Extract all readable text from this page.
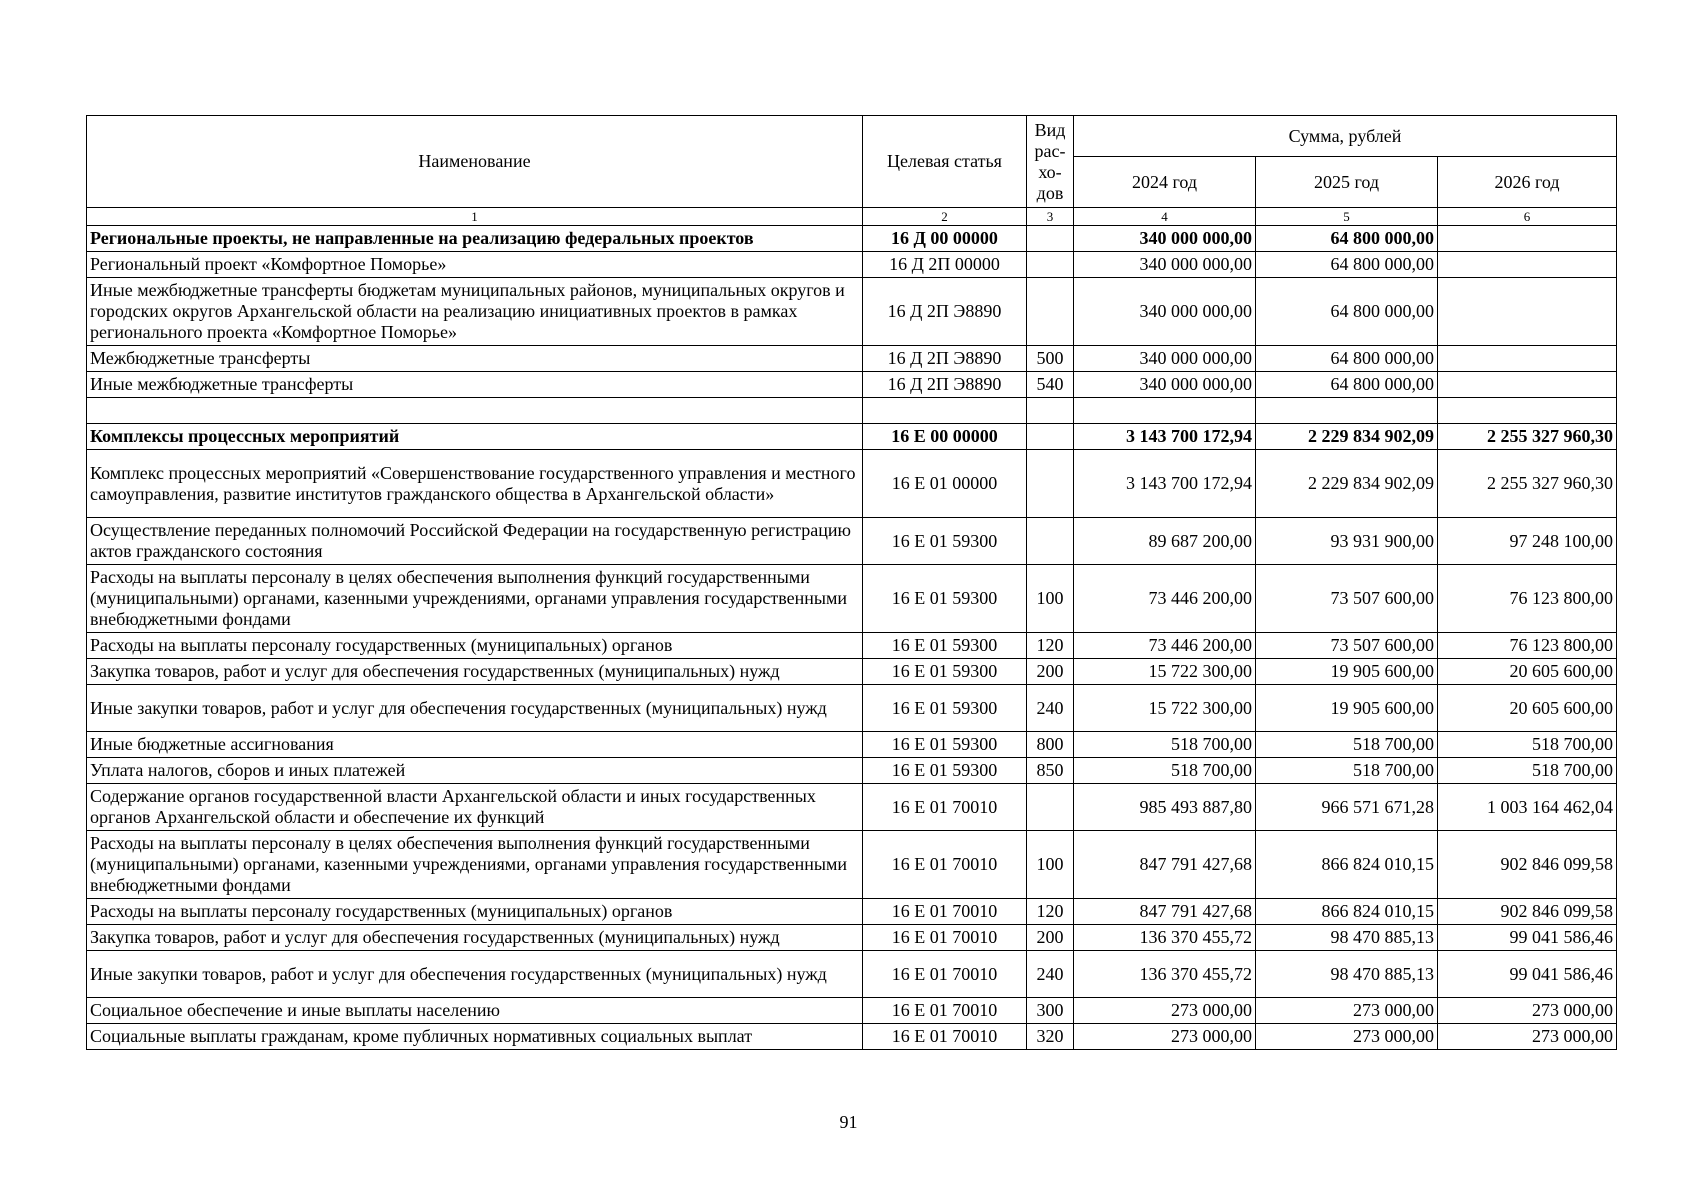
Наименование	Целевая статья	Вид рас-хо-дов	Сумма, рублей		
			2024 год	2025 год	2026 год
1	2	3	4	5	6
Региональные проекты, не направленные на реализацию федеральных проектов	16 Д 00 00000		340 000 000,00	64 800 000,00	
Региональный проект «Комфортное Поморье»	16 Д 2П 00000		340 000 000,00	64 800 000,00	
Иные межбюджетные трансферты бюджетам муниципальных районов, муниципальных округов и городских округов Архангельской области на реализацию инициативных проектов в рамках регионального проекта «Комфортное Поморье»	16 Д 2П Э8890		340 000 000,00	64 800 000,00	
Межбюджетные трансферты	16 Д 2П Э8890	500	340 000 000,00	64 800 000,00	
Иные межбюджетные трансферты	16 Д 2П Э8890	540	340 000 000,00	64 800 000,00	

Комплексы процессных мероприятий	16 Е 00 00000		3 143 700 172,94	2 229 834 902,09	2 255 327 960,30
Комплекс процессных мероприятий «Совершенствование государственного управления и местного самоуправления, развитие институтов гражданского общества в Архангельской области»	16 Е 01 00000		3 143 700 172,94	2 229 834 902,09	2 255 327 960,30
Осуществление переданных полномочий Российской Федерации на государственную регистрацию актов гражданского состояния	16 Е 01 59300		89 687 200,00	93 931 900,00	97 248 100,00
Расходы на выплаты персоналу в целях обеспечения выполнения функций государственными (муниципальными) органами, казенными учреждениями, органами управления государственными внебюджетными фондами	16 Е 01 59300	100	73 446 200,00	73 507 600,00	76 123 800,00
Расходы на выплаты персоналу государственных (муниципальных) органов	16 Е 01 59300	120	73 446 200,00	73 507 600,00	76 123 800,00
Закупка товаров, работ и услуг для обеспечения государственных (муниципальных) нужд	16 Е 01 59300	200	15 722 300,00	19 905 600,00	20 605 600,00
Иные закупки товаров, работ и услуг для обеспечения государственных (муниципальных) нужд	16 Е 01 59300	240	15 722 300,00	19 905 600,00	20 605 600,00
Иные бюджетные ассигнования	16 Е 01 59300	800	518 700,00	518 700,00	518 700,00
Уплата налогов, сборов и иных платежей	16 Е 01 59300	850	518 700,00	518 700,00	518 700,00
Содержание органов государственной власти Архангельской области и иных государственных органов Архангельской области и обеспечение их функций	16 Е 01 70010		985 493 887,80	966 571 671,28	1 003 164 462,04
Расходы на выплаты персоналу в целях обеспечения выполнения функций государственными (муниципальными) органами, казенными учреждениями, органами управления государственными внебюджетными фондами	16 Е 01 70010	100	847 791 427,68	866 824 010,15	902 846 099,58
Расходы на выплаты персоналу государственных (муниципальных) органов	16 Е 01 70010	120	847 791 427,68	866 824 010,15	902 846 099,58
Закупка товаров, работ и услуг для обеспечения государственных (муниципальных) нужд	16 Е 01 70010	200	136 370 455,72	98 470 885,13	99 041 586,46
Иные закупки товаров, работ и услуг для обеспечения государственных (муниципальных) нужд	16 Е 01 70010	240	136 370 455,72	98 470 885,13	99 041 586,46
Социальное обеспечение и иные выплаты населению	16 Е 01 70010	300	273 000,00	273 000,00	273 000,00
Социальные выплаты гражданам, кроме публичных нормативных социальных выплат	16 Е 01 70010	320	273 000,00	273 000,00	273 000,00
91
